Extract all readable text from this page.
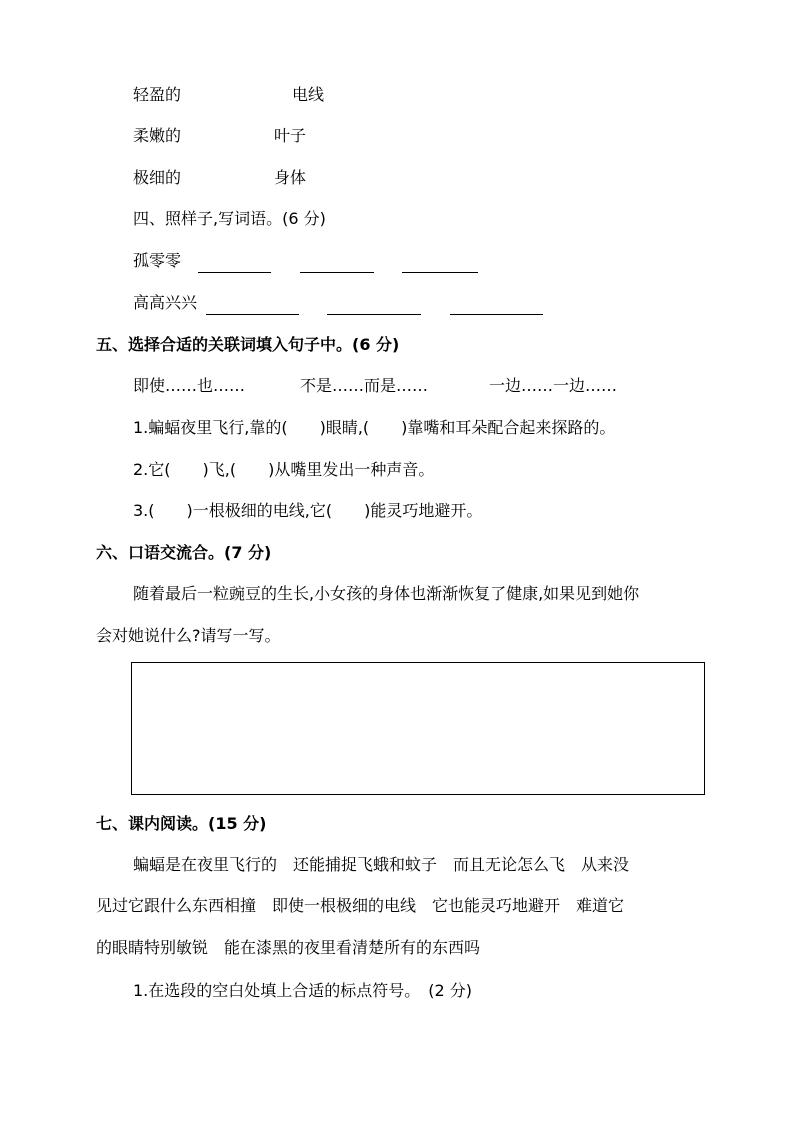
轻盈的	电线
柔嫩的	叶子
极细的	身体
四、照样子,写词语。(6 分)
孤零零
高高兴兴
五、选择合适的关联词填入句子中。(6 分)
即使……也……	不是……而是……	一边……一边……
1.蝙蝠夜里飞行,靠的(　　)眼睛,(　　)靠嘴和耳朵配合起来探路的。
2.它(　　)飞,(　　)从嘴里发出一种声音。
3.(　　)一根极细的电线,它(　　)能灵巧地避开。
六、口语交流合。(7 分)
随着最后一粒豌豆的生长,小女孩的身体也渐渐恢复了健康,如果见到她你
会对她说什么?请写一写。
七、课内阅读。(15 分)
蝙蝠是在夜里飞行的　还能捕捉飞蛾和蚊子　而且无论怎么飞　从来没
见过它跟什么东西相撞　即使一根极细的电线　它也能灵巧地避开　难道它
的眼睛特别敏锐　能在漆黑的夜里看清楚所有的东西吗
1.在选段的空白处填上合适的标点符号。　(2 分)
